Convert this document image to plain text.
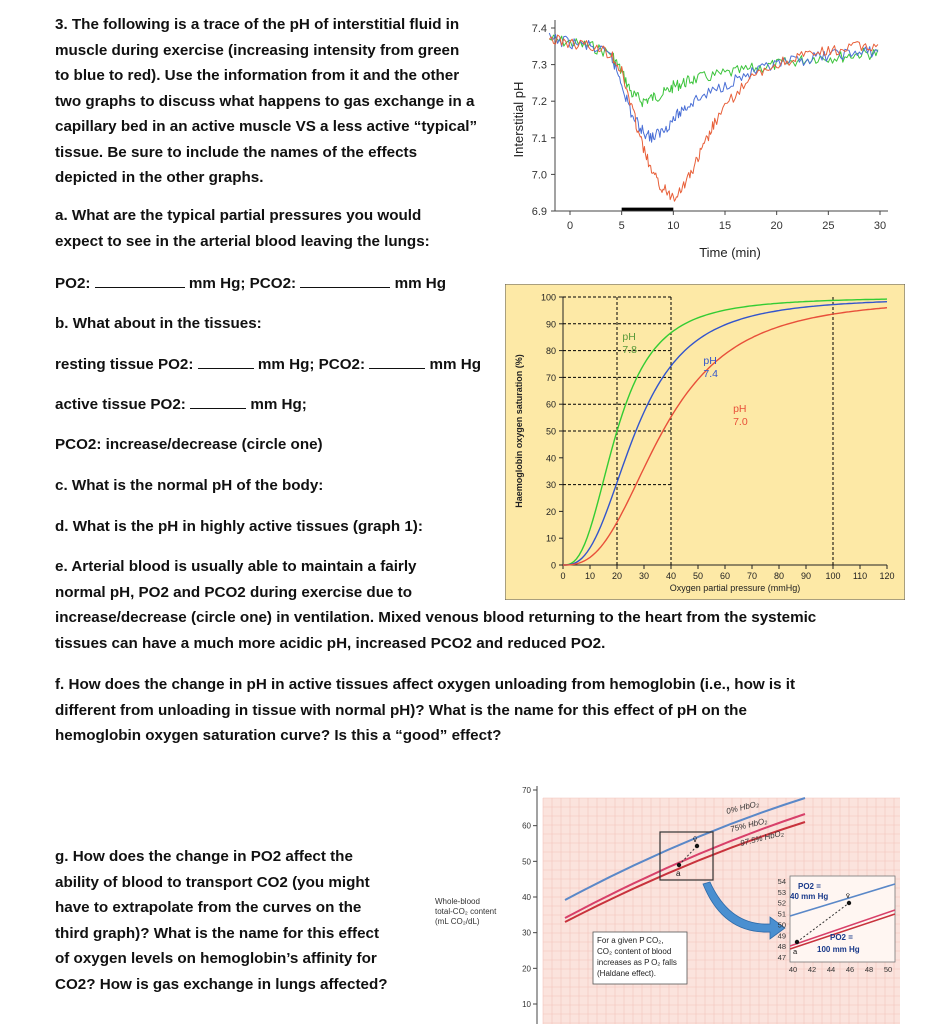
3. The following is a trace of the pH of interstitial fluid in
muscle during exercise (increasing intensity from green
to blue to red). Use the information from it and the other
two graphs to discuss what happens to gas exchange in a
capillary bed in an active muscle VS a less active “typical”
tissue. Be sure to include the names of the effects
depicted in the other graphs.
a. What are the typical partial pressures you would
expect to see in the arterial blood leaving the lungs:
PO2:	mm Hg; PCO2:	mm Hg
b. What about in the tissues:
resting tissue PO2:	mm Hg; PCO2:	mm Hg
active tissue PO2:	mm Hg;
PCO2: increase/decrease (circle one)
c. What is the normal pH of the body:
d. What is the pH in highly active tissues (graph 1):
e. Arterial blood is usually able to maintain a fairly
normal pH, PO2 and PCO2 during exercise due to
increase/decrease (circle one) in ventilation. Mixed venous blood returning to the heart from the systemic
tissues can have a much more acidic pH, increased PCO2 and reduced PO2.
f. How does the change in pH in active tissues affect oxygen unloading from hemoglobin (i.e., how is it
different from unloading in tissue with normal pH)? What is the name for this effect of pH on the
hemoglobin oxygen saturation curve? Is this a “good” effect?
g. How does the change in PO2 affect the
ability of blood to transport CO2 (you might
have to extrapolate from the curves on the
third graph)? What is the name for this effect
of oxygen levels on hemoglobin’s affinity for
CO2? How is gas exchange in lungs affected?
6.9
7.0
7.1
7.2
7.3
7.4
0	5	10	15	20	25	30
Time (min)
Interstitial pH
0
10
20
30
40
50
60
70
80
90
100
0 10 20 30 40 50 60 70 80 90 100 110 120
Oxygen partial pressure (mmHg)
Haemoglobin oxygen saturation (%)
pH
7.8
pH
7.4
pH
7.0
10
20
30
40
50
60
70
Whole-blood
total-CO₂ content
(mL CO₂/dL)
0% HbO₂
75% HbO₂
97.5% HbO₂
v̄
a
For a given P CO₂,
CO₂ content of blood
increases as P O₂ falls
(Haldane effect).
54
53
52
51
50
49
48
47
40 42 44 46 48 50
v̄
a
PO2 =
40 mm Hg
PO2 =
100 mm Hg
